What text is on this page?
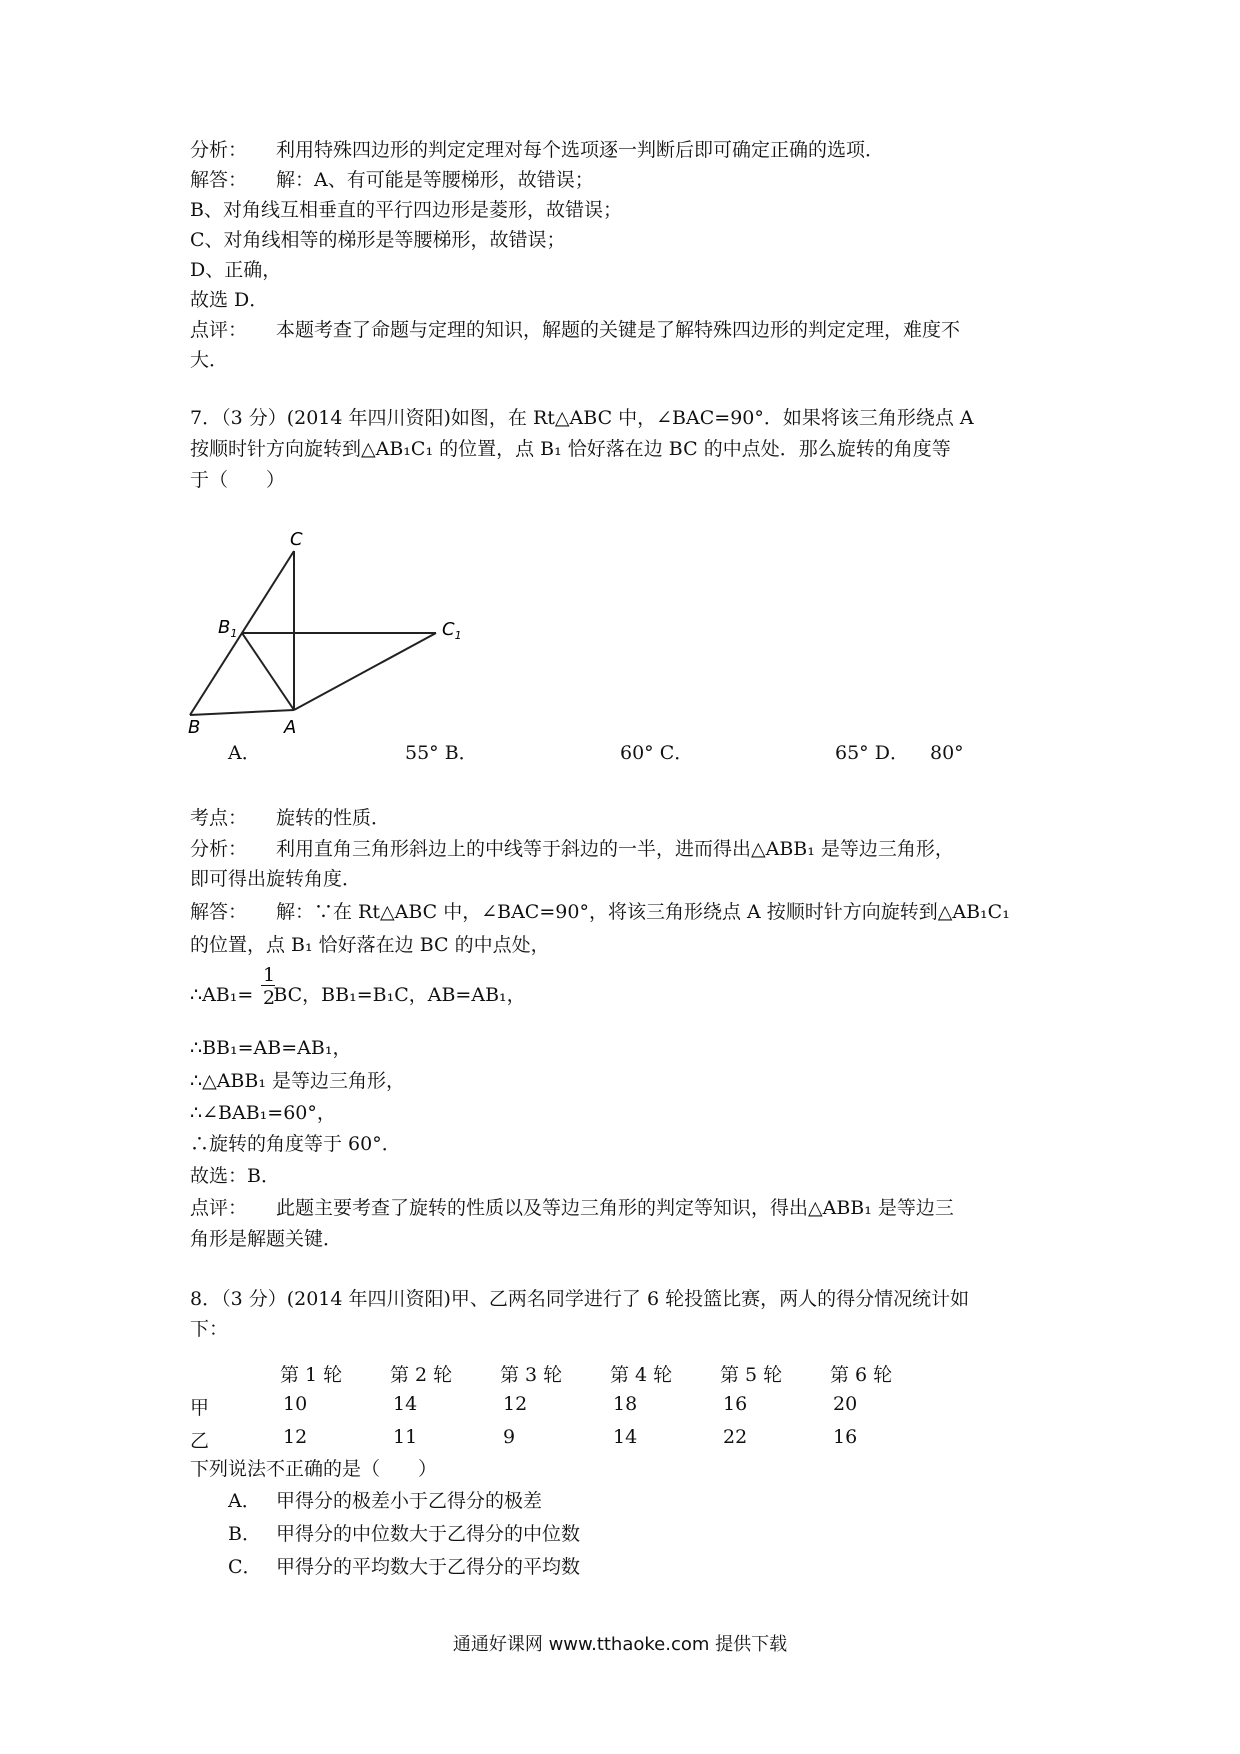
分析： 利用特殊四边形的判定定理对每个选项逐一判断后即可确定正确的选项．
解答： 解：A、有可能是等腰梯形，故错误；
B、对角线互相垂直的平行四边形是菱形，故错误；
C、对角线相等的梯形是等腰梯形，故错误；
D、正确，
故选 D．
点评： 本题考查了命题与定理的知识，解题的关键是了解特殊四边形的判定定理，难度不
大．
7．（3 分）(2014 年四川资阳)如图，在 Rt△ABC 中，∠BAC=90°．如果将该三角形绕点 A
按顺时针方向旋转到△AB₁C₁ 的位置，点 B₁ 恰好落在边 BC 的中点处．那么旋转的角度等
于（　　）
C
$B_1$	$C_1$
B	A
A．	55° B．	60° C．	65° D． 80°
考点： 旋转的性质．
分析： 利用直角三角形斜边上的中线等于斜边的一半，进而得出△ABB₁ 是等边三角形，
即可得出旋转角度．
解答： 解：∵在 Rt△ABC 中，∠BAC=90°，将该三角形绕点 A 按顺时针方向旋转到△AB₁C₁
的位置，点 B₁ 恰好落在边 BC 的中点处，
∴AB₁= BC，BB₁=B₁C，AB=AB₁，
1
2
∴BB₁=AB=AB₁，
∴△ABB₁ 是等边三角形，
∴∠BAB₁=60°，
∴旋转的角度等于 60°．
故选：B．
点评： 此题主要考查了旋转的性质以及等边三角形的判定等知识，得出△ABB₁ 是等边三
角形是解题关键．
8．（3 分）(2014 年四川资阳)甲、乙两名同学进行了 6 轮投篮比赛，两人的得分情况统计如
下：
第 1 轮	第 2 轮	第 3 轮	第 4 轮	第 5 轮	第 6 轮
甲	10	14	12	18	16	20
乙	12	11	9	14	22	16
下列说法不正确的是（　　）
A． 甲得分的极差小于乙得分的极差
B． 甲得分的中位数大于乙得分的中位数
C． 甲得分的平均数大于乙得分的平均数
通通好课网 www.tthaoke.com 提供下载
